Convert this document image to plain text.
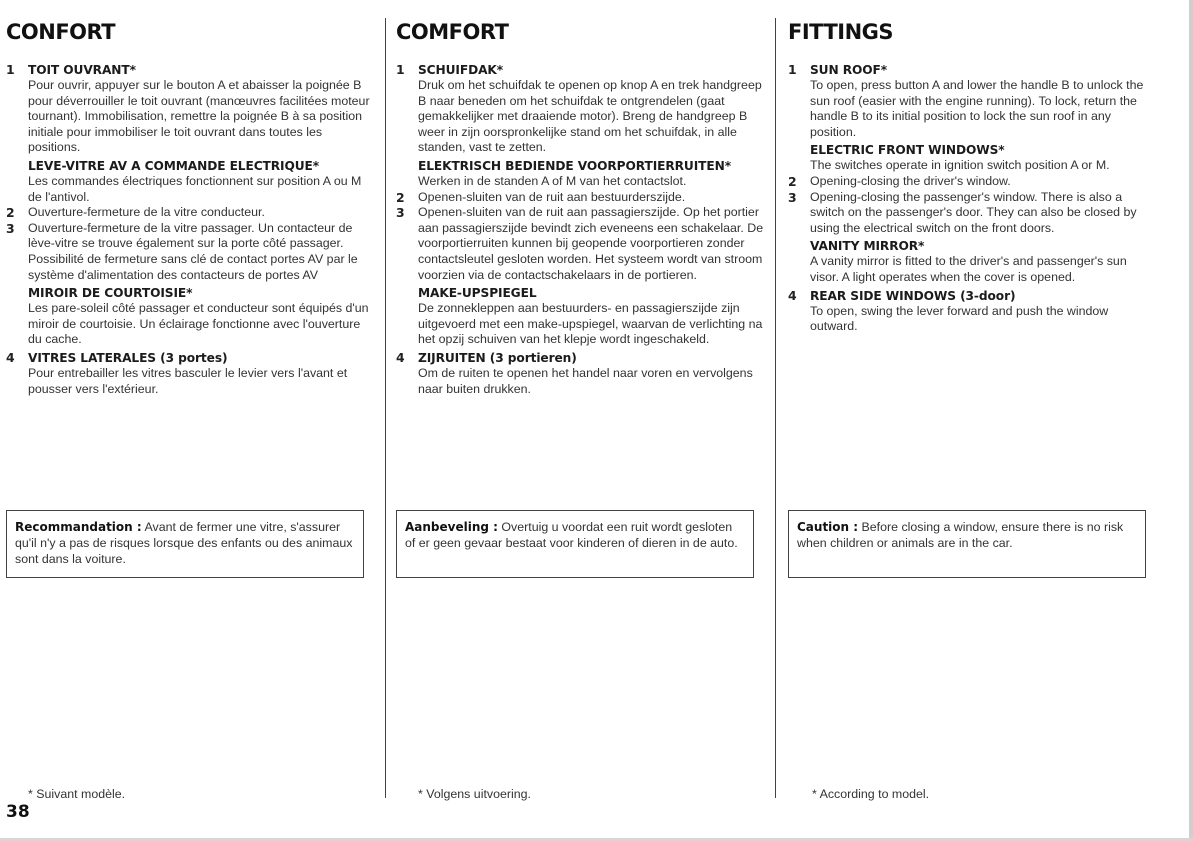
CONFORT
1 TOIT OUVRANT*
Pour ouvrir, appuyer sur le bouton A et abaisser la poignée B pour déverrouiller le toit ouvrant (manœuvres facilitées moteur tournant). Immobilisation, remettre la poignée B à sa position initiale pour immobiliser le toit ouvrant dans toutes les positions.
LEVE-VITRE AV A COMMANDE ELECTRIQUE*
Les commandes électriques fonctionnent sur position A ou M de l'antivol.
2 Ouverture-fermeture de la vitre conducteur.
3 Ouverture-fermeture de la vitre passager. Un contacteur de lève-vitre se trouve également sur la porte côté passager. Possibilité de fermeture sans clé de contact portes AV par le système d'alimentation des contacteurs de portes AV
MIROIR DE COURTOISIE*
Les pare-soleil côté passager et conducteur sont équipés d'un miroir de courtoisie. Un éclairage fonctionne avec l'ouverture du cache.
4 VITRES LATERALES (3 portes)
Pour entrebailler les vitres basculer le levier vers l'avant et pousser vers l'extérieur.
Recommandation : Avant de fermer une vitre, s'assurer qu'il n'y a pas de risques lorsque des enfants ou des animaux sont dans la voiture.
* Suivant modèle.
COMFORT
1 SCHUIFDAK*
Druk om het schuifdak te openen op knop A en trek handgreep B naar beneden om het schuifdak te ontgrendelen (gaat gemakkelijker met draaiende motor). Breng de handgreep B weer in zijn oorspronkelijke stand om het schuifdak, in alle standen, vast te zetten.
ELEKTRISCH BEDIENDE VOORPORTIERRUITEN*
Werken in de standen A of M van het contactslot.
2 Openen-sluiten van de ruit aan bestuurderszijde.
3 Openen-sluiten van de ruit aan passagierszijde. Op het portier aan passagierszijde bevindt zich eveneens een schakelaar. De voorportierruiten kunnen bij geopende voorportieren zonder contactsleutel gesloten worden. Het systeem wordt van stroom voorzien via de contactschakelaars in de portieren.
MAKE-UPSPIEGEL
De zonnekleppen aan bestuurders- en passagierszijde zijn uitgevoerd met een make-upspiegel, waarvan de verlichting na het opzij schuiven van het klepje wordt ingeschakeld.
4 ZIJRUITEN (3 portieren)
Om de ruiten te openen het handel naar voren en vervolgens naar buiten drukken.
Aanbeveling : Overtuig u voordat een ruit wordt gesloten of er geen gevaar bestaat voor kinderen of dieren in de auto.
* Volgens uitvoering.
FITTINGS
1 SUN ROOF*
To open, press button A and lower the handle B to unlock the sun roof (easier with the engine running). To lock, return the handle B to its initial position to lock the sun roof in any position.
ELECTRIC FRONT WINDOWS*
The switches operate in ignition switch position A or M.
2 Opening-closing the driver's window.
3 Opening-closing the passenger's window. There is also a switch on the passenger's door. They can also be closed by using the electrical switch on the front doors.
VANITY MIRROR*
A vanity mirror is fitted to the driver's and passenger's sun visor. A light operates when the cover is opened.
4 REAR SIDE WINDOWS (3-door)
To open, swing the lever forward and push the window outward.
Caution : Before closing a window, ensure there is no risk when children or animals are in the car.
* According to model.
38
